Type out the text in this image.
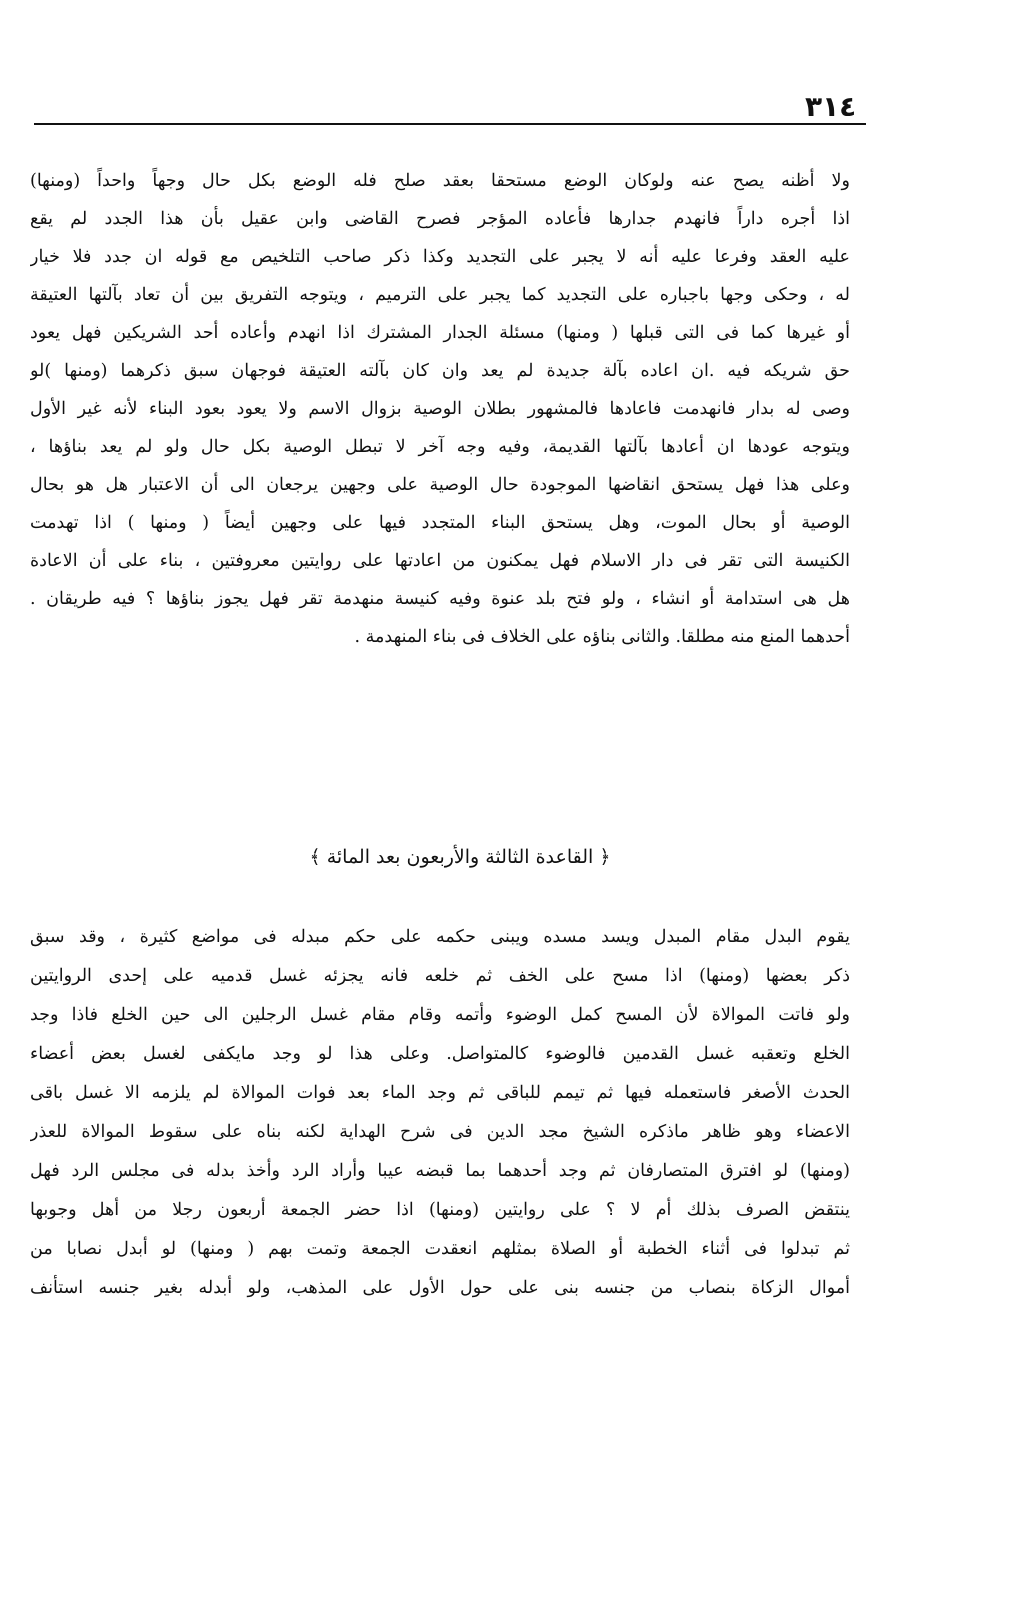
٣١٤
ولا أظنه يصح عنه ولوكان الوضع مستحقا بعقد صلح فله الوضع بكل حال وجهاً واحداً (ومنها)
اذا أجره داراً فانهدم جدارها فأعاده المؤجر فصرح القاضى وابن عقيل بأن هذا الجدد لم يقع
عليه العقد وفرعا عليه أنه لا يجبر على التجديد وكذا ذكر صاحب التلخيص مع قوله ان جدد فلا خيار
له ، وحكى وجها باجباره على التجديد كما يجبر على الترميم ، ويتوجه التفريق بين أن تعاد بآلتها العتيقة
أو غيرها كما فى التى قبلها ( ومنها) مسئلة الجدار المشترك اذا انهدم وأعاده أحد الشريكين فهل يعود
حق شريكه فيه .ان اعاده بآلة جديدة لم يعد وان كان بآلته العتيقة فوجهان سبق ذكرهما (ومنها )لو
وصى له بدار فانهدمت فاعادها فالمشهور بطلان الوصية بزوال الاسم ولا يعود بعود البناء لأنه غير الأول
ويتوجه عودها ان أعادها بآلتها القديمة، وفيه وجه آخر لا تبطل الوصية بكل حال ولو لم يعد بناؤها ،
وعلى هذا فهل يستحق انقاضها الموجودة حال الوصية على وجهين يرجعان الى أن الاعتبار هل هو بحال
الوصية أو بحال الموت، وهل يستحق البناء المتجدد فيها على وجهين أيضاً ( ومنها ) اذا تهدمت
الكنيسة التى تقر فى دار الاسلام فهل يمكنون من اعادتها على روايتين معروفتين ، بناء على أن الاعادة
هل هى استدامة أو انشاء ، ولو فتح بلد عنوة وفيه كنيسة منهدمة تقر فهل يجوز بناؤها ؟ فيه طريقان .
أحدهما المنع منه مطلقا. والثانى بناؤه على الخلاف فى بناء المنهدمة .
﴿ القاعدة الثالثة والأربعون بعد المائة ﴾
يقوم البدل مقام المبدل ويسد مسده ويبنى حكمه على حكم مبدله فى مواضع كثيرة ، وقد سبق
ذكر بعضها (ومنها) اذا مسح على الخف ثم خلعه فانه يجزئه غسل قدميه على إحدى الروايتين
ولو فاتت الموالاة لأن المسح كمل الوضوء وأتمه وقام مقام غسل الرجلين الى حين الخلع فاذا وجد
الخلع وتعقبه غسل القدمين فالوضوء كالمتواصل. وعلى هذا لو وجد مايكفى لغسل بعض أعضاء
الحدث الأصغر فاستعمله فيها ثم تيمم للباقى ثم وجد الماء بعد فوات الموالاة لم يلزمه الا غسل باقى
الاعضاء وهو ظاهر ماذكره الشيخ مجد الدين فى شرح الهداية لكنه بناه على سقوط الموالاة للعذر
(ومنها) لو افترق المتصارفان ثم وجد أحدهما بما قبضه عيبا وأراد الرد وأخذ بدله فى مجلس الرد فهل
ينتقض الصرف بذلك أم لا ؟ على روايتين (ومنها) اذا حضر الجمعة أربعون رجلا من أهل وجوبها
ثم تبدلوا فى أثناء الخطبة أو الصلاة بمثلهم انعقدت الجمعة وتمت بهم ( ومنها) لو أبدل نصابا من
أموال الزكاة بنصاب من جنسه بنى على حول الأول على المذهب، ولو أبدله بغير جنسه استأنف
